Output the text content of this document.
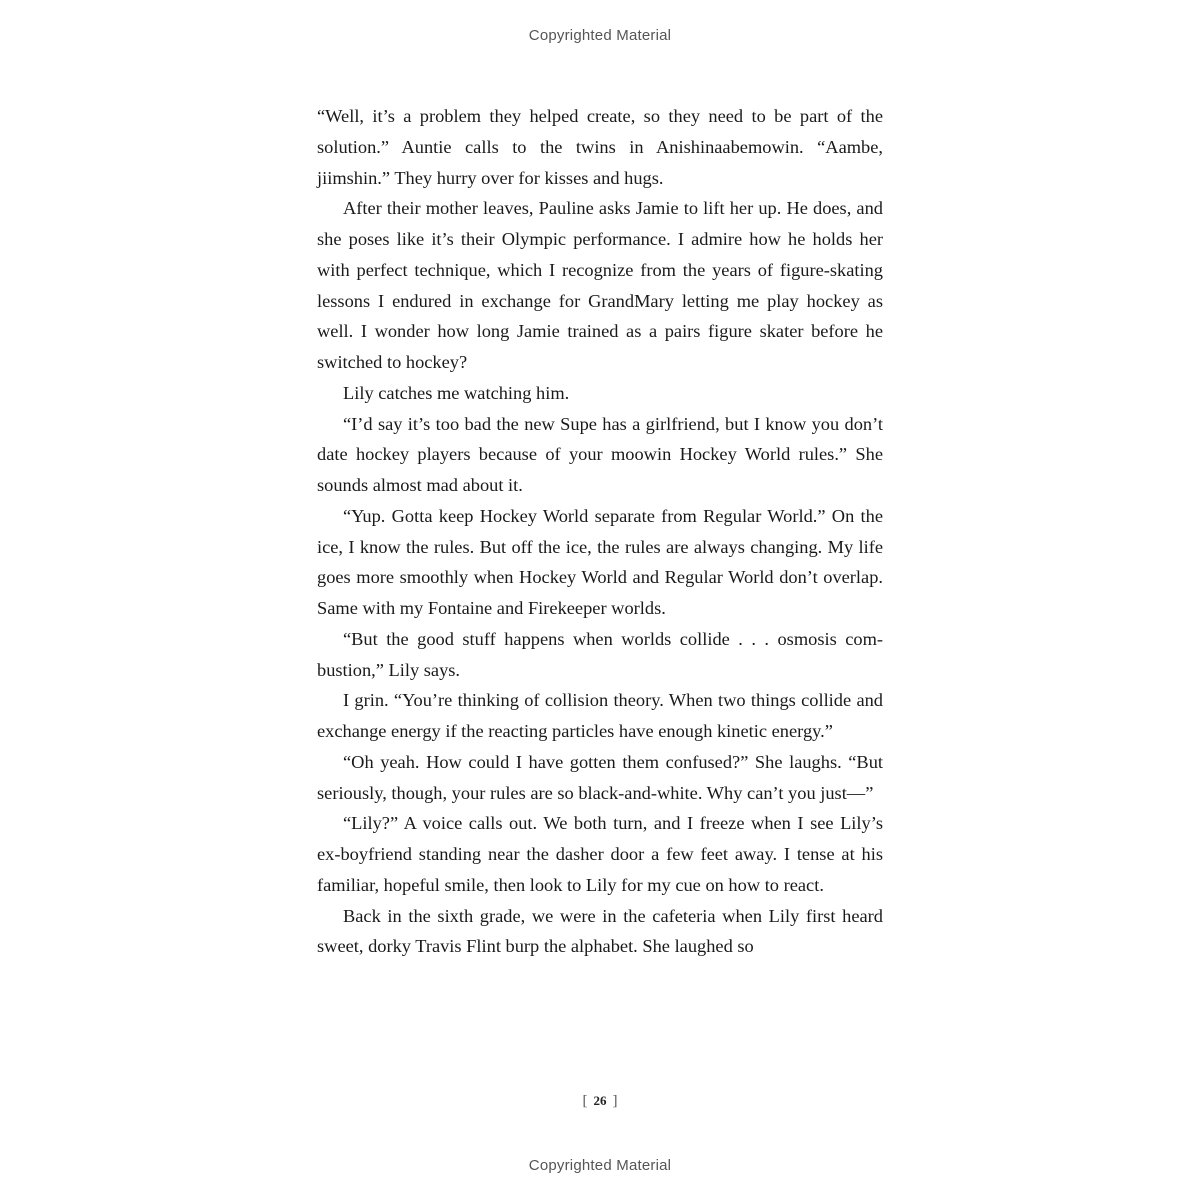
Copyrighted Material

“Well, it’s a problem they helped create, so they need to be part of the solution.” Auntie calls to the twins in Anishinaabemowin. “Aambe, jiimshin.” They hurry over for kisses and hugs.

After their mother leaves, Pauline asks Jamie to lift her up. He does, and she poses like it’s their Olympic performance. I admire how he holds her with perfect technique, which I recognize from the years of figure-skating lessons I endured in exchange for GrandMary letting me play hockey as well. I wonder how long Jamie trained as a pairs figure skater before he switched to hockey?

Lily catches me watching him.

“I’d say it’s too bad the new Supe has a girlfriend, but I know you don’t date hockey players because of your moowin Hockey World rules.” She sounds almost mad about it.

“Yup. Gotta keep Hockey World separate from Regular World.” On the ice, I know the rules. But off the ice, the rules are always changing. My life goes more smoothly when Hockey World and Regular World don’t overlap. Same with my Fontaine and Firekeeper worlds.

“But the good stuff happens when worlds collide . . . osmosis combustion,” Lily says.

I grin. “You’re thinking of collision theory. When two things collide and exchange energy if the reacting particles have enough kinetic energy.”

“Oh yeah. How could I have gotten them confused?” She laughs. “But seriously, though, your rules are so black-and-white. Why can’t you just—”

“Lily?” A voice calls out. We both turn, and I freeze when I see Lily’s ex-boyfriend standing near the dasher door a few feet away. I tense at his familiar, hopeful smile, then look to Lily for my cue on how to react.

Back in the sixth grade, we were in the cafeteria when Lily first heard sweet, dorky Travis Flint burp the alphabet. She laughed so

[ 26 ]
Copyrighted Material
